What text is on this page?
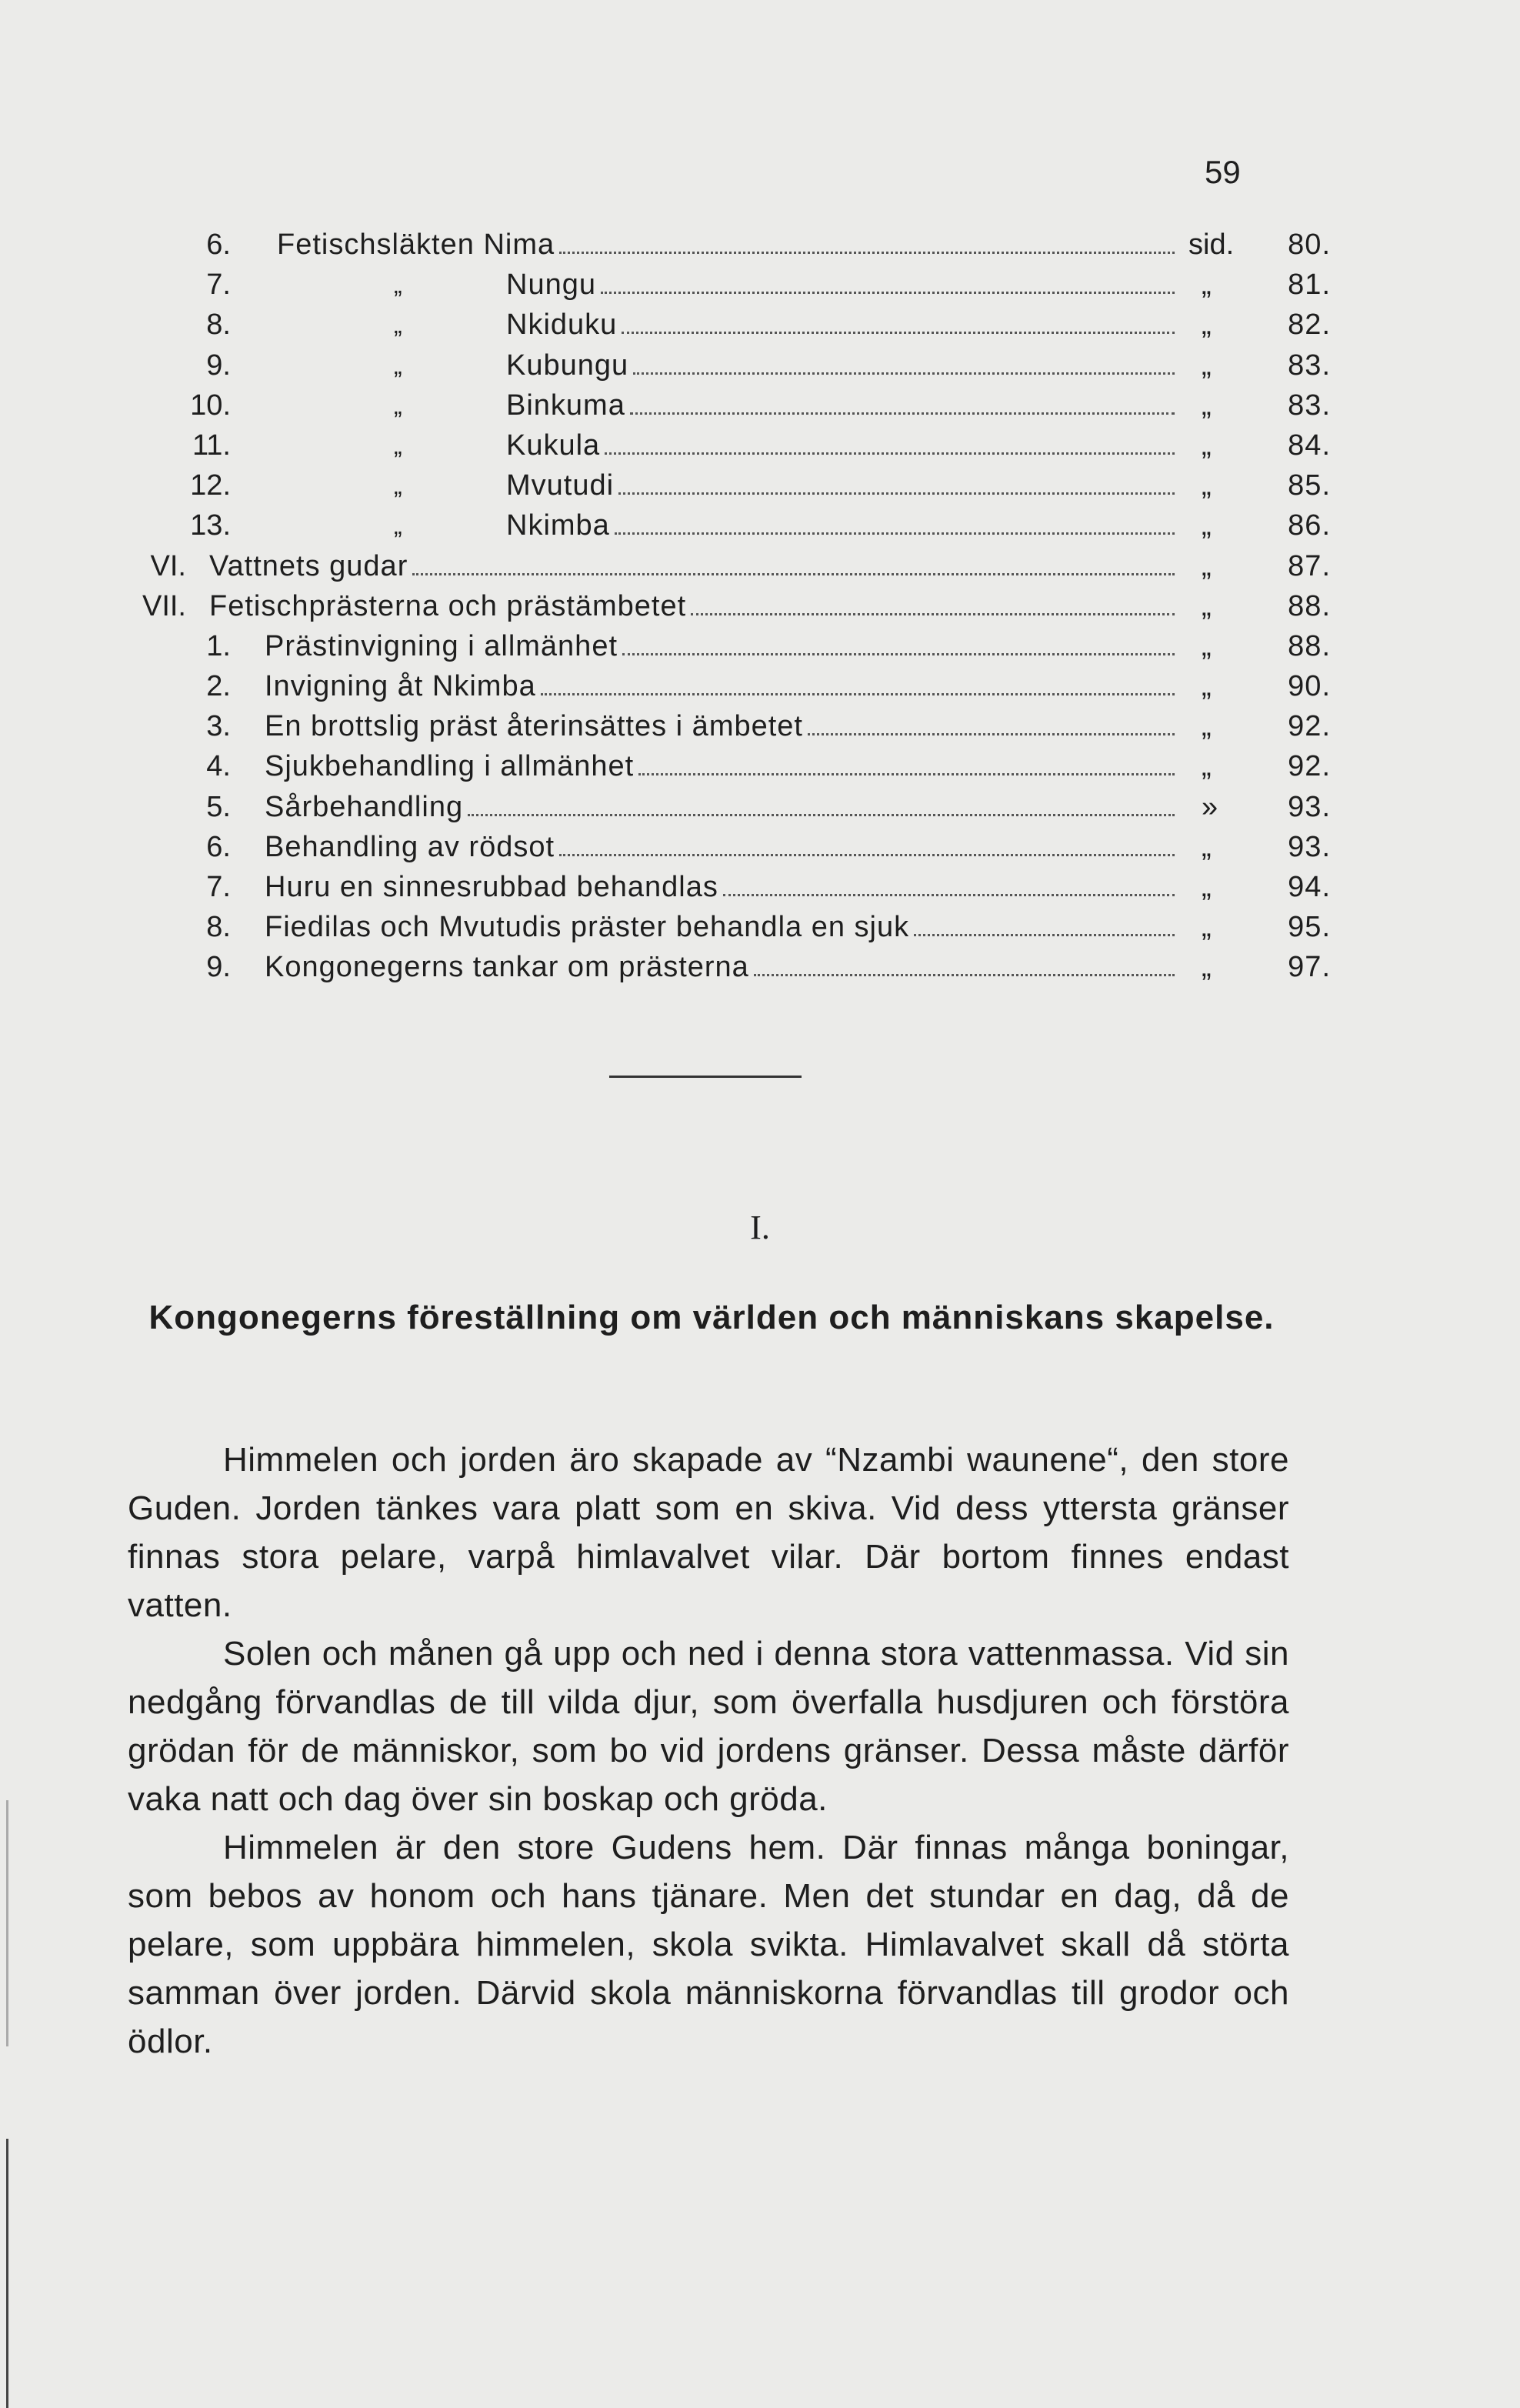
59
6. Fetischsläkten Nima	sid.	80.
7.	„	Nungu	„	81.
8.	„	Nkiduku	„	82.
9.	„	Kubungu	„	83.
10.	„	Binkuma	„	83.
11.	„	Kukula	„	84.
12.	„	Mvutudi	„	85.
13.	„	Nkimba	„	86.
VI. Vattnets gudar	„	87.
VII. Fetischprästerna och prästämbetet	„	88.
1. Prästinvigning i allmänhet	„	88.
2. Invigning åt Nkimba	„	90.
3. En brottslig präst återinsättes i ämbetet	„	92.
4. Sjukbehandling i allmänhet	„	92.
5. Sårbehandling	»	93.
6. Behandling av rödsot	„	93.
7. Huru en sinnesrubbad behandlas	„	94.
8. Fiedilas och Mvutudis präster behandla en sjuk	„	95.
9. Kongonegerns tankar om prästerna	„	97.
I.
Kongonegerns föreställning om världen och människans skapelse.

Himmelen och jorden äro skapade av “Nzambi waunene“, den store Guden. Jorden tänkes vara platt som en skiva. Vid dess yttersta gränser finnas stora pelare, varpå himlavalvet vilar. Där bortom finnes endast vatten.

Solen och månen gå upp och ned i denna stora vattenmassa. Vid sin nedgång förvandlas de till vilda djur, som överfalla husdjuren och förstöra grödan för de människor, som bo vid jordens gränser. Dessa måste därför vaka natt och dag över sin boskap och gröda.

Himmelen är den store Gudens hem. Där finnas många boningar, som bebos av honom och hans tjänare. Men det stundar en dag, då de pelare, som uppbära himmelen, skola svikta. Himlavalvet skall då störta samman över jorden. Därvid skola människorna förvandlas till grodor och ödlor.
